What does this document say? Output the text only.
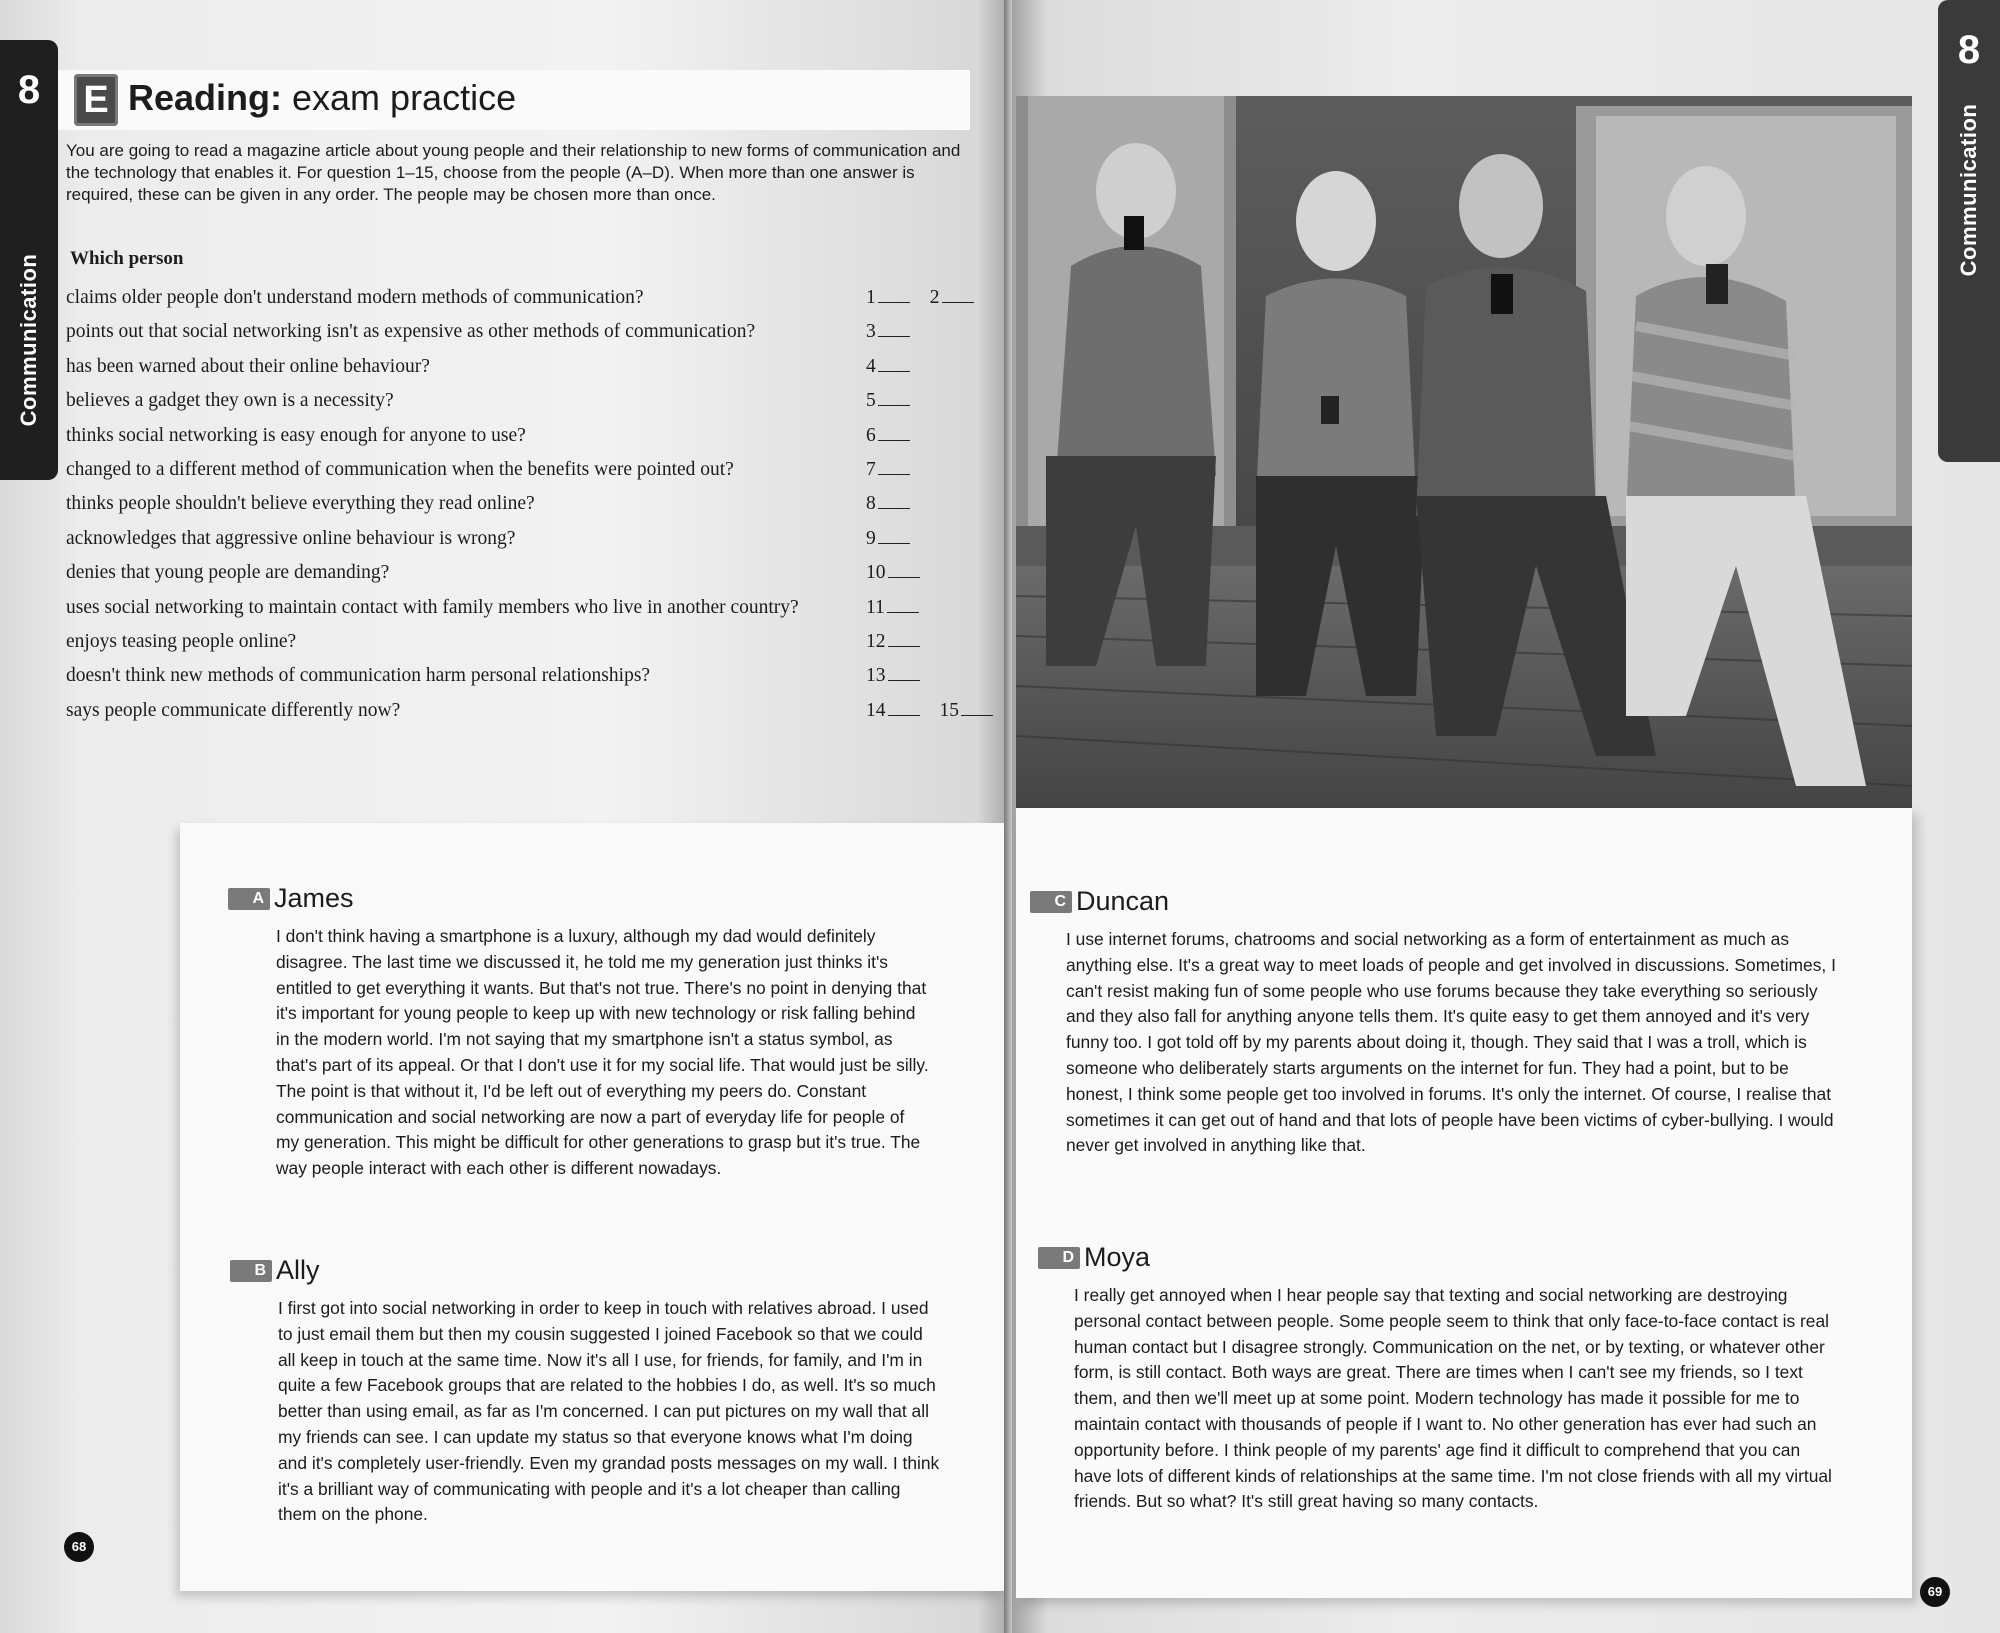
8
Communication
E Reading: exam practice
You are going to read a magazine article about young people and their relationship to new forms of communication and the technology that enables it. For question 1–15, choose from the people (A–D). When more than one answer is required, these can be given in any order. The people may be chosen more than once.
Which person
claims older people don't understand modern methods of communication?	1	2
points out that social networking isn't as expensive as other methods of communication?	3
has been warned about their online behaviour?	4
believes a gadget they own is a necessity?	5
thinks social networking is easy enough for anyone to use?	6
changed to a different method of communication when the benefits were pointed out?	7
thinks people shouldn't believe everything they read online?	8
acknowledges that aggressive online behaviour is wrong?	9
denies that young people are demanding?	10
uses social networking to maintain contact with family members who live in another country?	11
enjoys teasing people online?	12
doesn't think new methods of communication harm personal relationships?	13
says people communicate differently now?	14	15
A James
I don't think having a smartphone is a luxury, although my dad would definitely disagree. The last time we discussed it, he told me my generation just thinks it's entitled to get everything it wants. But that's not true. There's no point in denying that it's important for young people to keep up with new technology or risk falling behind in the modern world. I'm not saying that my smartphone isn't a status symbol, as that's part of its appeal. Or that I don't use it for my social life. That would just be silly. The point is that without it, I'd be left out of everything my peers do. Constant communication and social networking are now a part of everyday life for people of my generation. This might be difficult for other generations to grasp but it's true. The way people interact with each other is different nowadays.
B Ally
I first got into social networking in order to keep in touch with relatives abroad. I used to just email them but then my cousin suggested I joined Facebook so that we could all keep in touch at the same time. Now it's all I use, for friends, for family, and I'm in quite a few Facebook groups that are related to the hobbies I do, as well. It's so much better than using email, as far as I'm concerned. I can put pictures on my wall that all my friends can see. I can update my status so that everyone knows what I'm doing and it's completely user-friendly. Even my grandad posts messages on my wall. I think it's a brilliant way of communicating with people and it's a lot cheaper than calling them on the phone.
68
8
Communication
C Duncan
I use internet forums, chatrooms and social networking as a form of entertainment as much as anything else. It's a great way to meet loads of people and get involved in discussions. Sometimes, I can't resist making fun of some people who use forums because they take everything so seriously and they also fall for anything anyone tells them. It's quite easy to get them annoyed and it's very funny too. I got told off by my parents about doing it, though. They said that I was a troll, which is someone who deliberately starts arguments on the internet for fun. They had a point, but to be honest, I think some people get too involved in forums. It's only the internet. Of course, I realise that sometimes it can get out of hand and that lots of people have been victims of cyber-bullying. I would never get involved in anything like that.
D Moya
I really get annoyed when I hear people say that texting and social networking are destroying personal contact between people. Some people seem to think that only face-to-face contact is real human contact but I disagree strongly. Communication on the net, or by texting, or whatever other form, is still contact. Both ways are great. There are times when I can't see my friends, so I text them, and then we'll meet up at some point. Modern technology has made it possible for me to maintain contact with thousands of people if I want to. No other generation has ever had such an opportunity before. I think people of my parents' age find it difficult to comprehend that you can have lots of different kinds of relationships at the same time. I'm not close friends with all my virtual friends. But so what? It's still great having so many contacts.
69
